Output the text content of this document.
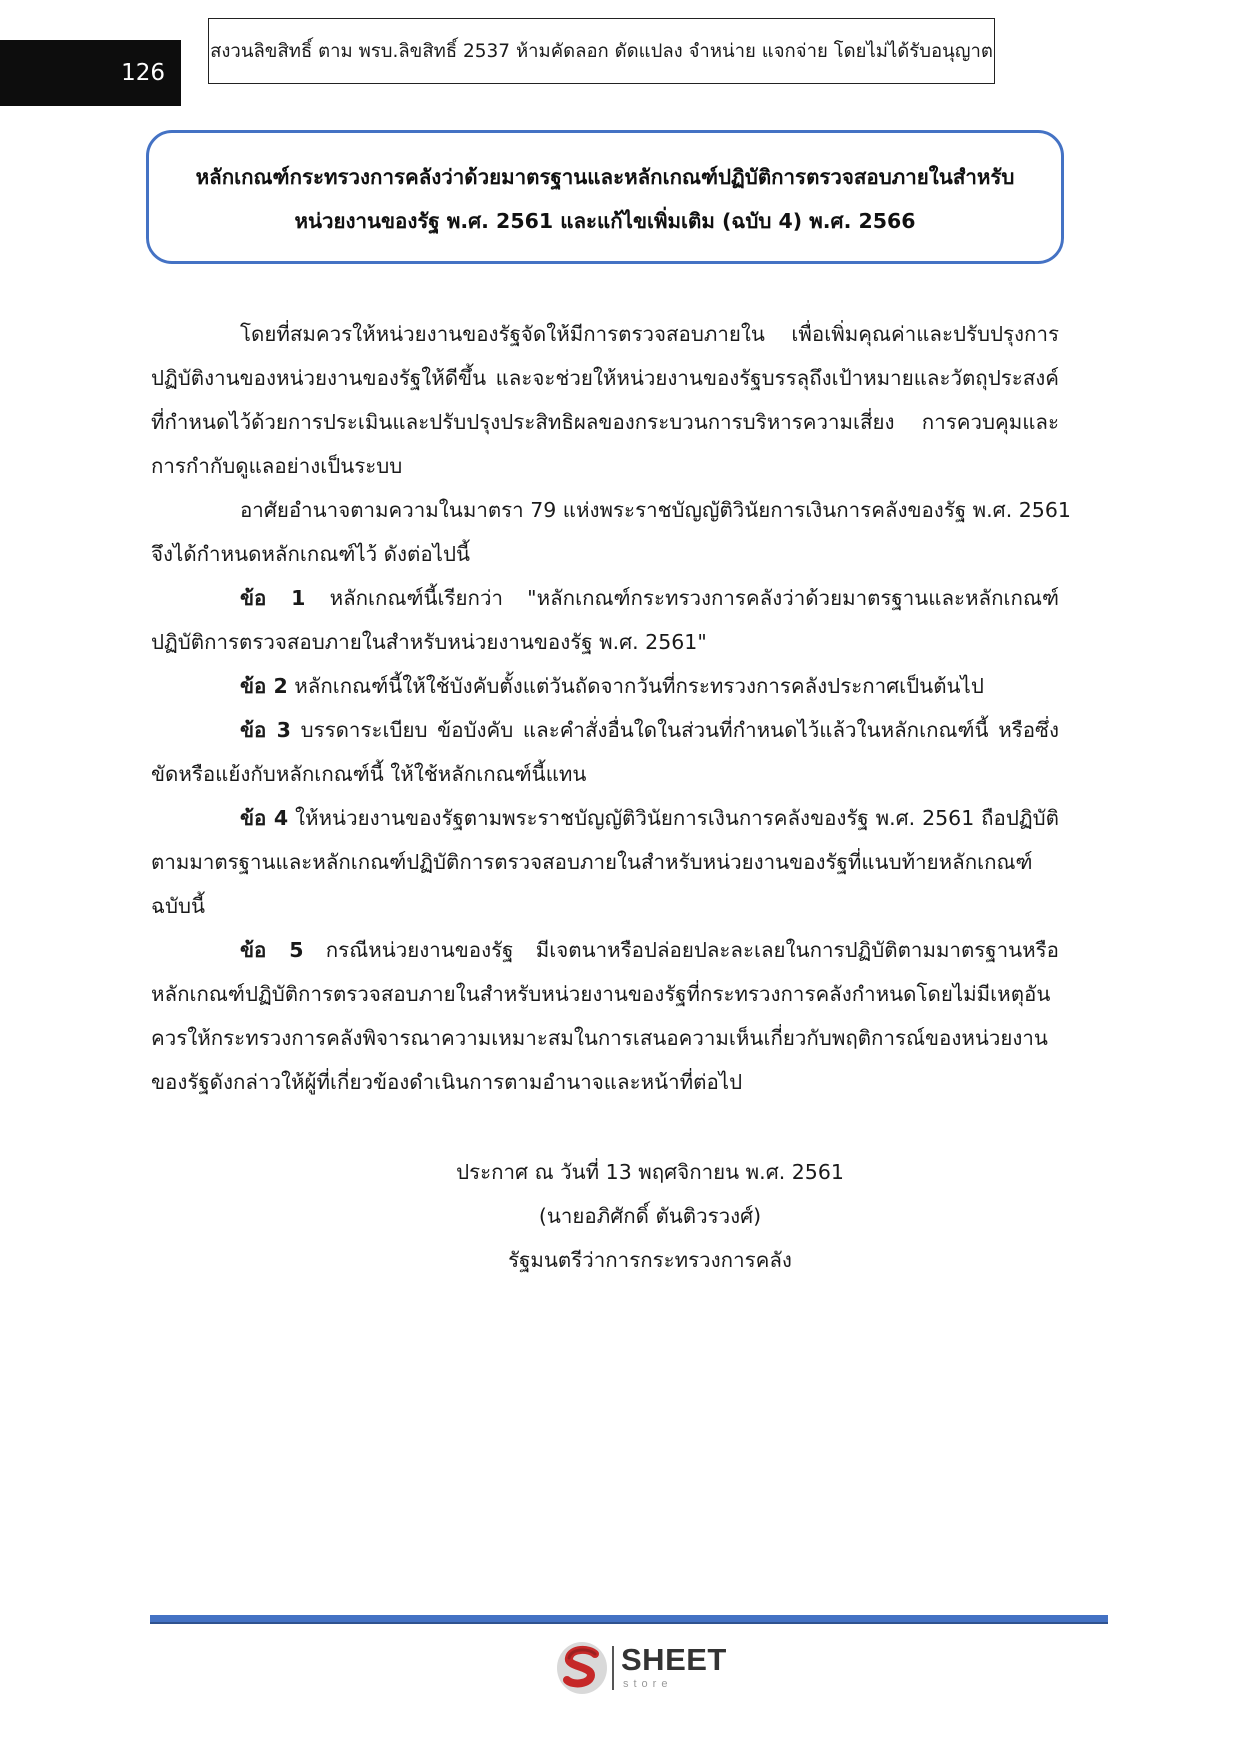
126
สงวนลิขสิทธิ์ ตาม พรบ.ลิขสิทธิ์ 2537 ห้ามคัดลอก ดัดแปลง จำหน่าย แจกจ่าย โดยไม่ได้รับอนุญาต
หลักเกณฑ์กระทรวงการคลังว่าด้วยมาตรฐานและหลักเกณฑ์ปฏิบัติการตรวจสอบภายในสำหรับ
หน่วยงานของรัฐ พ.ศ. 2561 และแก้ไขเพิ่มเติม (ฉบับ 4) พ.ศ. 2566
โดยที่สมควรให้หน่วยงานของรัฐจัดให้มีการตรวจสอบภายใน เพื่อเพิ่มคุณค่าและปรับปรุงการ
ปฏิบัติงานของหน่วยงานของรัฐให้ดีขึ้น และจะช่วยให้หน่วยงานของรัฐบรรลุถึงเป้าหมายและวัตถุประสงค์
ที่กำหนดไว้ด้วยการประเมินและปรับปรุงประสิทธิผลของกระบวนการบริหารความเสี่ยง การควบคุมและ
การกำกับดูแลอย่างเป็นระบบ
อาศัยอำนาจตามความในมาตรา 79 แห่งพระราชบัญญัติวินัยการเงินการคลังของรัฐ พ.ศ. 2561
จึงได้กำหนดหลักเกณฑ์ไว้ ดังต่อไปนี้
ข้อ 1 หลักเกณฑ์นี้เรียกว่า "หลักเกณฑ์กระทรวงการคลังว่าด้วยมาตรฐานและหลักเกณฑ์
ปฏิบัติการตรวจสอบภายในสำหรับหน่วยงานของรัฐ พ.ศ. 2561"
ข้อ 2 หลักเกณฑ์นี้ให้ใช้บังคับตั้งแต่วันถัดจากวันที่กระทรวงการคลังประกาศเป็นต้นไป
ข้อ 3 บรรดาระเบียบ ข้อบังคับ และคำสั่งอื่นใดในส่วนที่กำหนดไว้แล้วในหลักเกณฑ์นี้ หรือซึ่ง
ขัดหรือแย้งกับหลักเกณฑ์นี้ ให้ใช้หลักเกณฑ์นี้แทน
ข้อ 4 ให้หน่วยงานของรัฐตามพระราชบัญญัติวินัยการเงินการคลังของรัฐ พ.ศ. 2561 ถือปฏิบัติ
ตามมาตรฐานและหลักเกณฑ์ปฏิบัติการตรวจสอบภายในสำหรับหน่วยงานของรัฐที่แนบท้ายหลักเกณฑ์
ฉบับนี้
ข้อ 5 กรณีหน่วยงานของรัฐ มีเจตนาหรือปล่อยปละละเลยในการปฏิบัติตามมาตรฐานหรือ
หลักเกณฑ์ปฏิบัติการตรวจสอบภายในสำหรับหน่วยงานของรัฐที่กระทรวงการคลังกำหนดโดยไม่มีเหตุอัน
ควรให้กระทรวงการคลังพิจารณาความเหมาะสมในการเสนอความเห็นเกี่ยวกับพฤติการณ์ของหน่วยงาน
ของรัฐดังกล่าวให้ผู้ที่เกี่ยวข้องดำเนินการตามอำนาจและหน้าที่ต่อไป
ประกาศ ณ วันที่ 13 พฤศจิกายน พ.ศ. 2561
(นายอภิศักดิ์ ตันติวรวงศ์)
รัฐมนตรีว่าการกระทรวงการคลัง
SHEET
store
